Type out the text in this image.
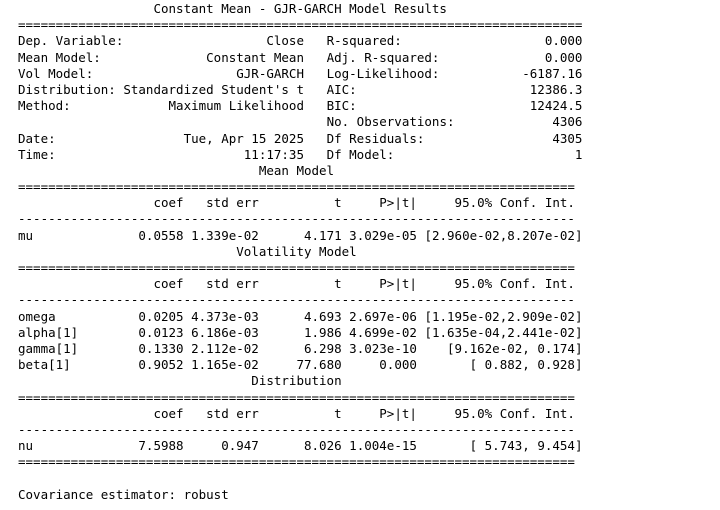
Constant Mean - GJR-GARCH Model Results
===========================================================================
Dep. Variable:                   Close R-squared:                   0.000
Mean Model:              Constant Mean Adj. R-squared:              0.000
Vol Model:                   GJR-GARCH Log-Likelihood:           -6187.16
Distribution: Standardized Student's t AIC:                       12386.3
Method:             Maximum Likelihood BIC:                       12424.5
No. Observations:             4306
Date:                 Tue, Apr 15 2025 Df Residuals:                 4305
Time:                         11:17:35 Df Model:                        1
Mean Model
==========================================================================
coef   std err          t     P>|t|     95.0% Conf. Int.
--------------------------------------------------------------------------
mu              0.0558 1.339e-02      4.171 3.029e-05 [2.960e-02,8.207e-02]
Volatility Model
==========================================================================
coef   std err          t     P>|t|     95.0% Conf. Int.
--------------------------------------------------------------------------
omega           0.0205 4.373e-03      4.693 2.697e-06 [1.195e-02,2.909e-02]
alpha[1]        0.0123 6.186e-03      1.986 4.699e-02 [1.635e-04,2.441e-02]
gamma[1]        0.1330 2.112e-02      6.298 3.023e-10    [9.162e-02, 0.174]
beta[1]         0.9052 1.165e-02     77.680     0.000       [ 0.882, 0.928]
Distribution
==========================================================================
coef   std err          t     P>|t|     95.0% Conf. Int.
--------------------------------------------------------------------------
nu              7.5988     0.947      8.026 1.004e-15       [ 5.743, 9.454]
==========================================================================

Covariance estimator: robust
